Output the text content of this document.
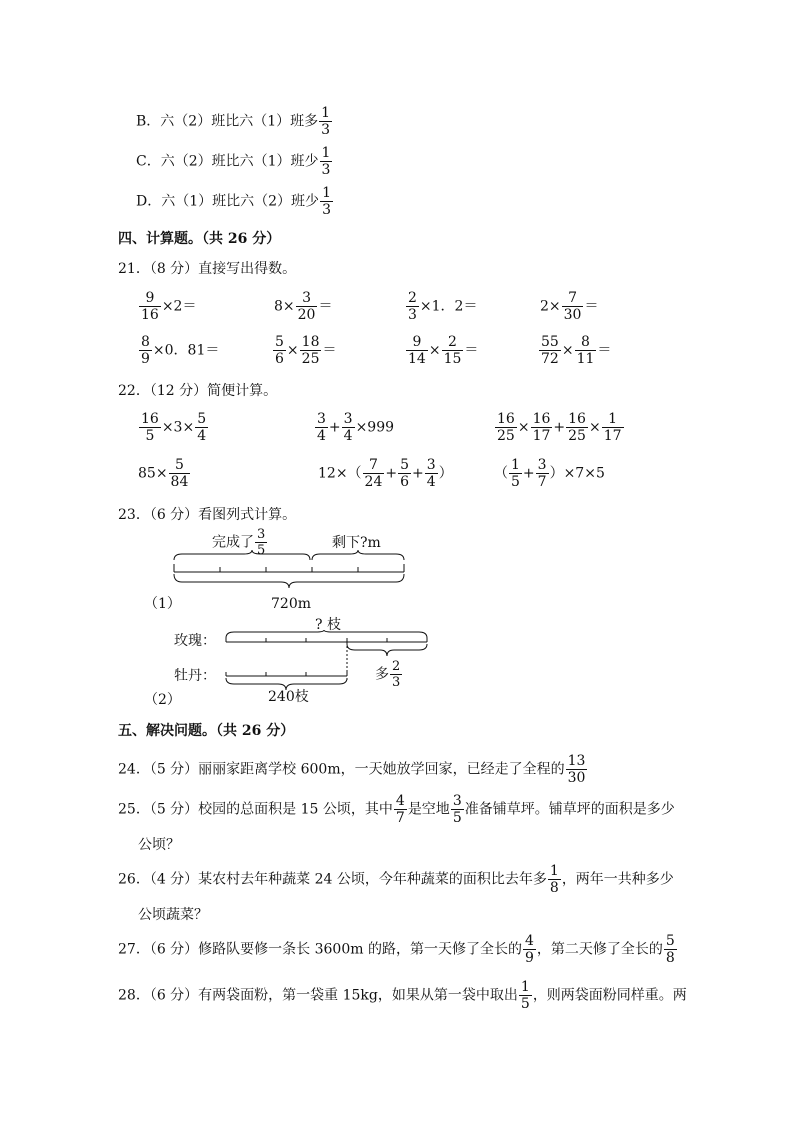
B．六（2）班比六（1）班多 $\frac{1}{3}$
C．六（2）班比六（1）班少 $\frac{1}{3}$
D．六（1）班比六（2）班少 $\frac{1}{3}$
四、计算题。（共 26 分）
21．（8 分）直接写出得数。
$\frac{9}{16} \times 2=$	$8\times \frac{3}{20}$ ＝	$\frac{2}{3} \times 1$．2＝	$2\times \frac{7}{30}$ ＝
$\frac{8}{9} \times 0$．81＝	$\frac{5}{6} \times \frac{18}{25}$ ＝	$\frac{9}{14} \times \frac{2}{15}$ ＝	$\frac{55}{72} \times \frac{8}{11}$ ＝
22．（12 分）简便计算。
$\frac{16}{5} \times 3\times \frac{5}{4}$	$\frac{3}{4} + \frac{3}{4} \times 999$	$\frac{16}{25} \times \frac{16}{17} + \frac{16}{25} \times \frac{1}{17}$
$85\times \frac{5}{84}$	$12\times( \frac{7}{24} + \frac{5}{6} + \frac{3}{4}$ ）	（ $\frac{1}{5} + \frac{3}{7} )\times 7\times 5$
23．（6 分）看图列式计算。
完成了 $\frac{3}{5}$	剩下?m
（1）	720m
? 枝
玫瑰：
牡丹：	多 $\frac{2}{3}$
（2）	240枝
五、解决问题。（共 26 分）
24．（5 分）丽丽家距离学校 600m，一天她放学回家，已经走了全程的 $\frac{13}{30}$
25．（5 分）校园的总面积是 15 公顷，其中 $\frac{4}{7}$ 是空地 $\frac{3}{5}$ 准备铺草坪。铺草坪的面积是多少
公顷？
26．（4 分）某农村去年种蔬菜 24 公顷，今年种蔬菜的面积比去年多 $\frac{1}{8}$ ，两年一共种多少
公顷蔬菜？
27．（6 分）修路队要修一条长 3600m 的路，第一天修了全长的 $\frac{4}{9}$ ，第二天修了全长的 $\frac{5}{8}$
28．（6 分）有两袋面粉，第一袋重 15kg，如果从第一袋中取出 $\frac{1}{5}$ ，则两袋面粉同样重。两
